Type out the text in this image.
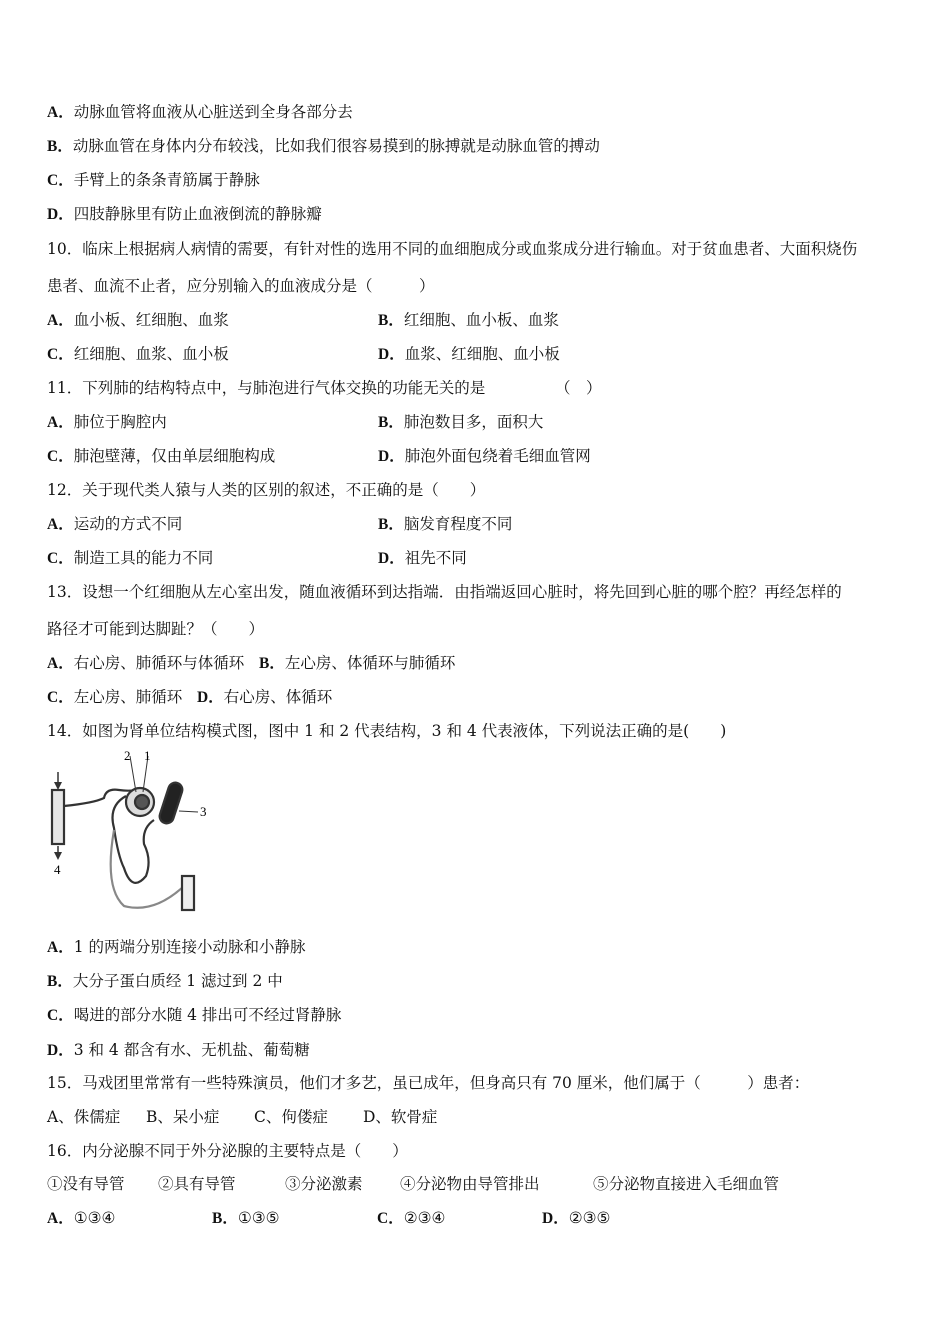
A．动脉血管将血液从心脏送到全身各部分去
B．动脉血管在身体内分布较浅，比如我们很容易摸到的脉搏就是动脉血管的搏动
C．手臂上的条条青筋属于静脉
D．四肢静脉里有防止血液倒流的静脉瓣
10．临床上根据病人病情的需要，有针对性的选用不同的血细胞成分或血浆成分进行输血。对于贫血患者、大面积烧伤
患者、血流不止者，应分别输入的血液成分是（　　　）
A．血小板、红细胞、血浆	B．红细胞、血小板、血浆
C．红细胞、血浆、血小板	D．血浆、红细胞、血小板
11．下列肺的结构特点中，与肺泡进行气体交换的功能无关的是　　　　　（　）
A．肺位于胸腔内	B．肺泡数目多，面积大
C．肺泡壁薄，仅由单层细胞构成	D．肺泡外面包绕着毛细血管网
12．关于现代类人猿与人类的区别的叙述，不正确的是（　　）
A．运动的方式不同	B．脑发育程度不同
C．制造工具的能力不同	D．祖先不同
13．设想一个红细胞从左心室出发，随血液循环到达指端．由指端返回心脏时，将先回到心脏的哪个腔？再经怎样的
路径才可能到达脚趾？（　　）
A．右心房、肺循环与体循环 B．左心房、体循环与肺循环
C．左心房、肺循环 D．右心房、体循环
14．如图为肾单位结构模式图，图中 1 和 2 代表结构，3 和 4 代表液体，下列说法正确的是(　　)
2 1
3
4
A．1 的两端分别连接小动脉和小静脉
B．大分子蛋白质经 1 滤过到 2 中
C．喝进的部分水随 4 排出可不经过肾静脉
D．3 和 4 都含有水、无机盐、葡萄糖
15．马戏团里常常有一些特殊演员，他们才多艺，虽已成年，但身高只有 70 厘米，他们属于（　　　）患者：
A、侏儒症 B、呆小症 C、佝偻症 D、软骨症
16．内分泌腺不同于外分泌腺的主要特点是（　　）
①没有导管 ②具有导管	③分泌激素 ④分泌物由导管排出	⑤分泌物直接进入毛细血管
A．①③④	B．①③⑤	C．②③④	D．②③⑤
